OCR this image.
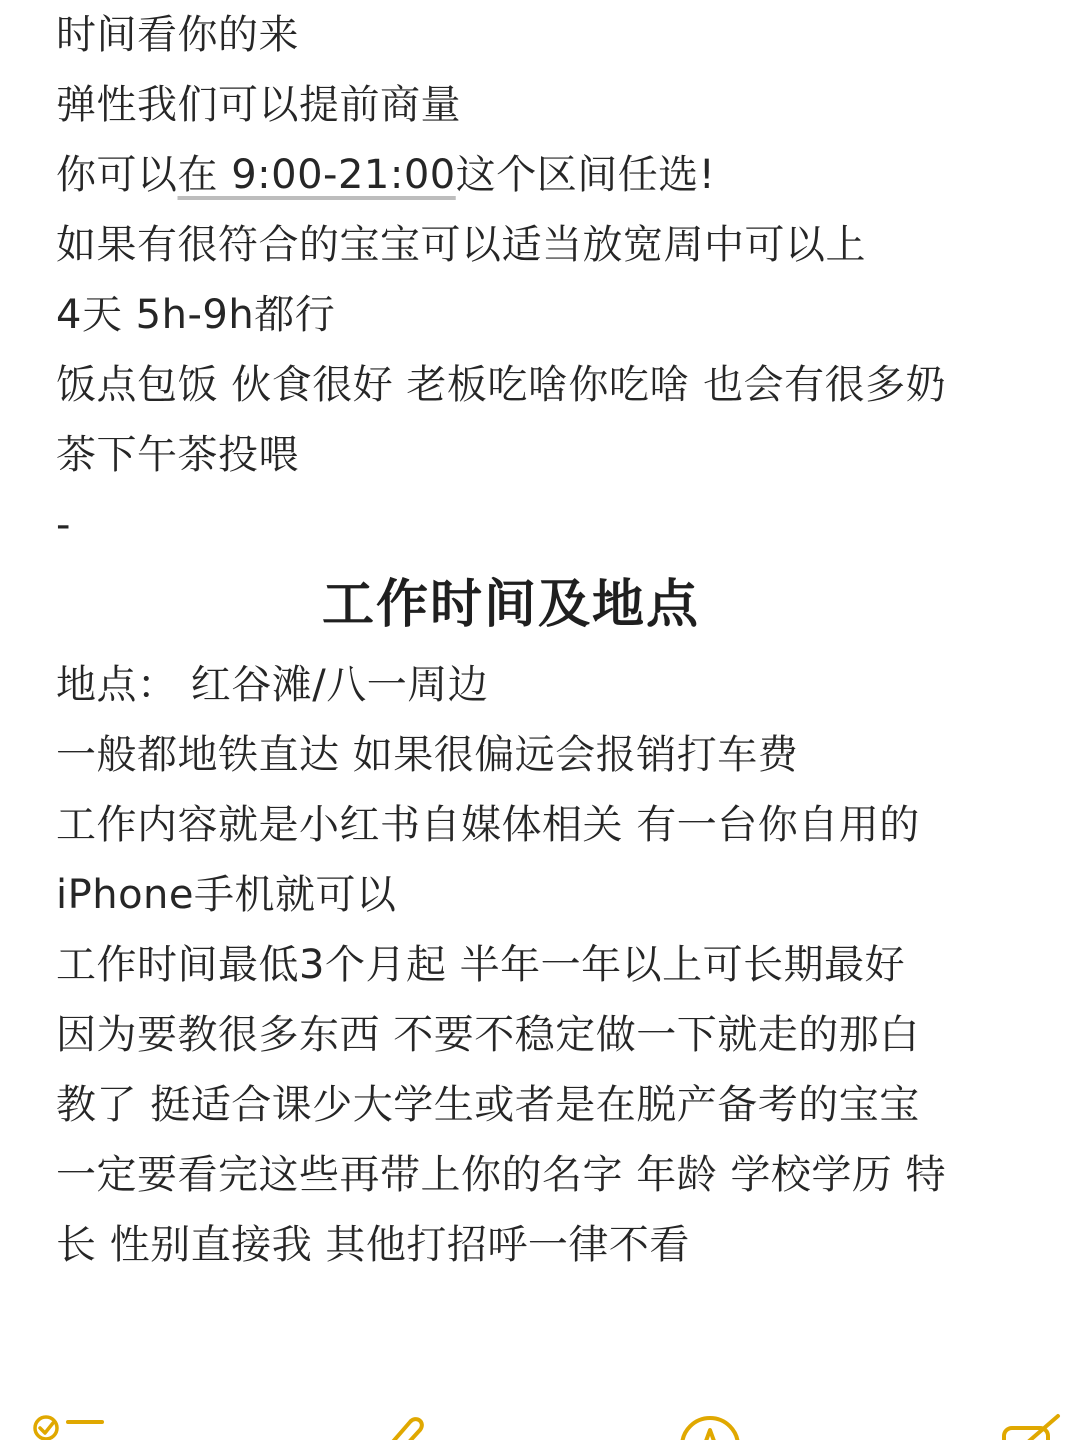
时间看你的来
弹性我们可以提前商量
你可以在 9:00-21:00这个区间任选!
如果有很符合的宝宝可以适当放宽周中可以上
4天 5h-9h都行
饭点包饭 伙食很好 老板吃啥你吃啥 也会有很多奶
茶下午茶投喂
-
工作时间及地点
地点： 红谷滩/八一周边
一般都地铁直达 如果很偏远会报销打车费
工作内容就是小红书自媒体相关 有一台你自用的
iPhone手机就可以
工作时间最低3个月起 半年一年以上可长期最好
因为要教很多东西 不要不稳定做一下就走的那白
教了 挺适合课少大学生或者是在脱产备考的宝宝
一定要看完这些再带上你的名字 年龄 学校学历 特
长 性别直接我 其他打招呼一律不看
